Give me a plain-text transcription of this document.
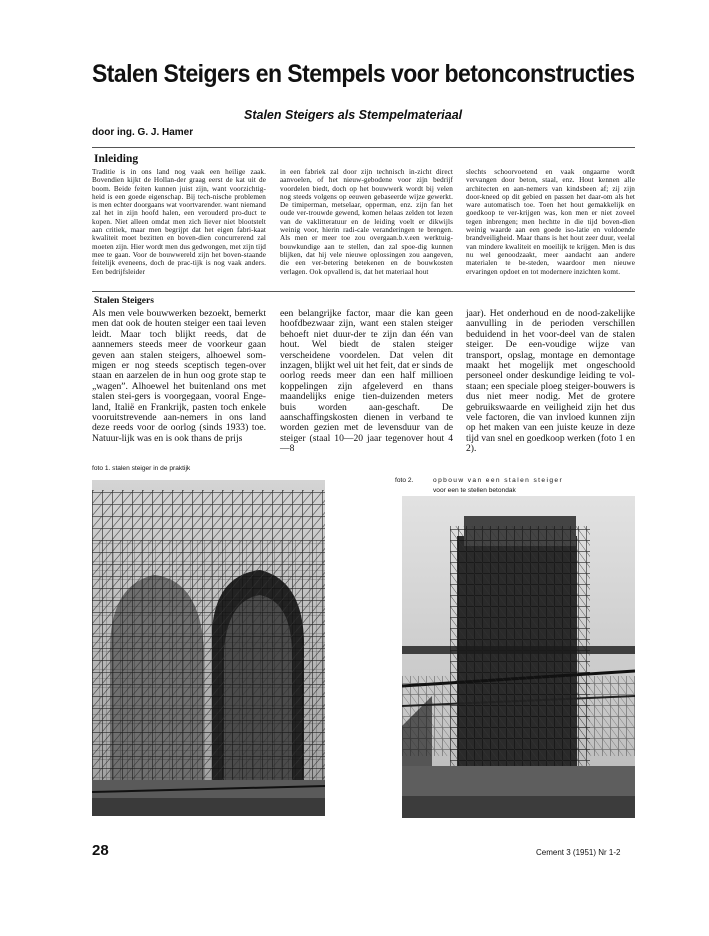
Stalen Steigers en Stempels voor betonconstructies
Stalen Steigers als Stempelmateriaal
door ing. G. J. Hamer
Inleiding

Traditie is in ons land nog vaak een heilige zaak. Bovendien kijkt de Hollan-der graag eerst de kat uit de boom. Beide feiten kunnen juist zijn, want voorzichtig-heid is een goede eigenschap. Bij tech-nische problemen is men echter doorgaans wat voortvarender. want niemand zal het in zijn hoofd halen, een verouderd pro-duct te kopen. Niet alleen omdat men zich liever niet blootstelt aan critiek, maar men begrijpt dat het eigen fabri-kaat kwaliteit moet bezitten en boven-dien concurrerend zal moeten zijn. Hier wordt men dus gedwongen, met zijn tijd mee te gaan. Voor de bouwwereld zijn het boven-staande feitelijk eveneens, doch de prac-tijk is nog vaak anders. Een bedrijfsleider

in een fabriek zal door zijn technisch in-zicht direct aanvoelen, of het nieuw-gebodene voor zijn bedrijf voordelen biedt, doch op het bouwwerk wordt bij velen nog steeds volgens op eeuwen gebaseerde wijze gewerkt. De timiperman, metselaar, opperman, enz. zijn fan het oude ver-trouwde gewend, komen helaas zelden tot lezen van de vaklitteratuur en de leiding voelt er dikwijls weinig voor, hierin radi-cale veranderingen te brengen. Als men er meer toe zou overgaan.b.v.een werktuig-bouwkundige aan te stellen, dan zal spoe-dig kunnen blijken, dat hij vele nieuwe oplossingen zou aangeven, die een ver-betering betekenen en de bouwkosten verlagen. Ook opvallend is, dat het materiaal hout

slechts schoorvoetend en vaak ongaarne wordt vervangen door beton, staal, enz. Hout kennen alle architecten en aan-nemers van kindsbeen af; zij zijn door-kneed op dit gebied en passen het daar-om als het ware automatisch toe. Toen het hout gemakkelijk en goedkoop te ver-krijgen was, kon men er niet zoveel tegen inbrengen; men hechtte in die tijd boven-dien weinig waarde aan een goede iso-latie en voldoende brandveiligheid. Maar thans is het hout zeer duur, veelal van mindere kwaliteit en moeilijk te krijgen. Men is dus nu wel genoodzaakt, meer aandacht aan andere materialen te be-steden, waardoor men nieuwe ervaringen opdoet en tot modernere inzichten komt.

Stalen Steigers

Als men vele bouwwerken bezoekt, bemerkt men dat ook de houten steiger een taai leven leidt. Maar toch blijkt reeds, dat de aannemers steeds meer de voorkeur gaan geven aan stalen steigers, alhoewel som-migen er nog steeds sceptisch tegen-over staan en aarzelen de in hun oog grote stap te „wagen”. Alhoewel het buitenland ons met stalen stei-gers is voorgegaan, vooral Enge-land, Italië en Frankrijk, pasten toch enkele vooruitstrevende aan-nemers in ons land deze reeds voor de oorlog (sinds 1933) toe. Natuur-lijk was en is ook thans de prijs

een belangrijke factor, maar die kan geen hoofdbezwaar zijn, want een stalen steiger behoeft niet duur-der te zijn dan één van hout. Wel biedt de stalen steiger verscheidene voordelen. Dat velen dit inzagen, blijkt wel uit het feit, dat er sinds de oorlog reeds meer dan een half millioen koppelingen zijn afgeleverd en thans maandelijks enige tien-duizenden meters buis worden aan-geschaft. De aanschaffingskosten dienen in verband te worden gezien met de levensduur van de steiger (staal 10—20 jaar tegenover hout 4—8

jaar). Het onderhoud en de nood-zakelijke aanvulling in de perioden verschillen beduidend in het voor-deel van de stalen steiger. De een-voudige wijze van transport, opslag, montage en demontage maakt het mogelijk met ongeschoold personeel onder deskundige leiding te vol-staan; een speciale ploeg steiger-bouwers is dus niet meer nodig. Met de grotere gebruikswaarde en veiligheid zijn het dus vele factoren, die van invloed kunnen zijn op het maken van een juiste keuze in deze tijd van snel en goedkoop werken (foto 1 en 2).

foto 1. stalen steiger in de praktijk
foto 2.	opbouw van een stalen steiger
voor een te stellen betondak
28	Cement 3 (1951) Nr 1-2
